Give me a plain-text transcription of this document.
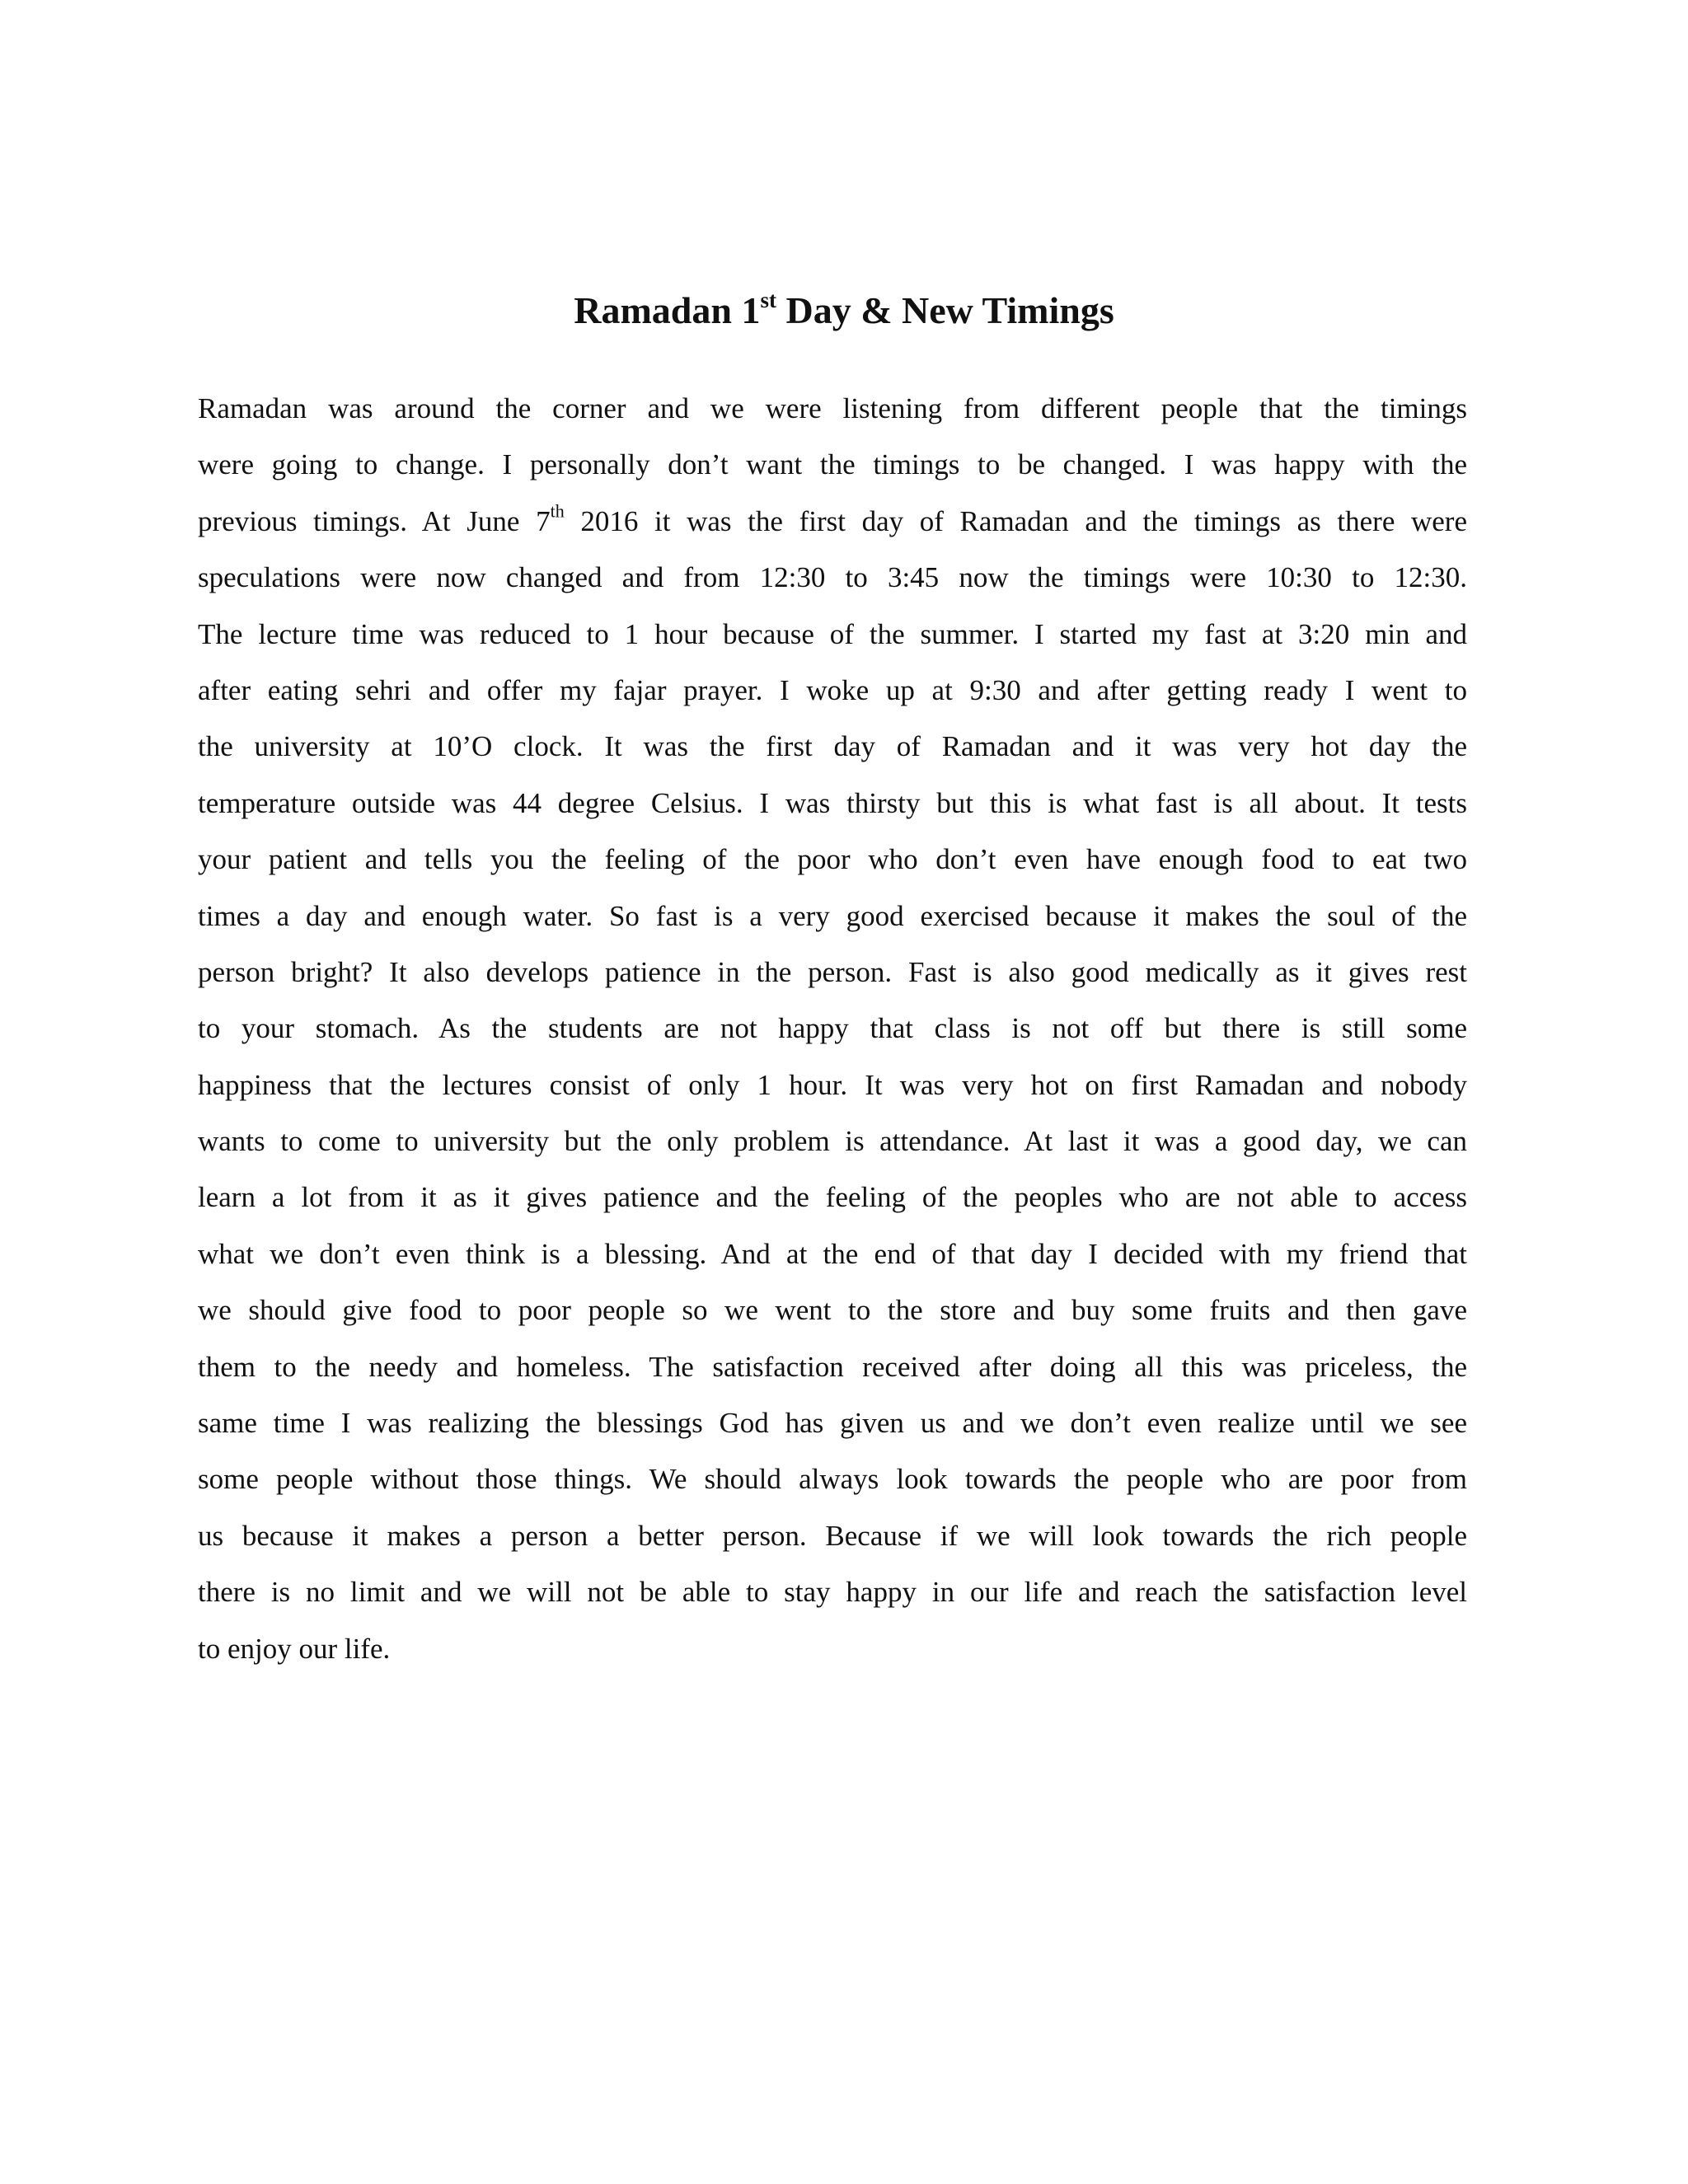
Ramadan 1st Day & New Timings
Ramadan was around the corner and we were listening from different people that the timings
were going to change. I personally don’t want the timings to be changed. I was happy with the
previous timings. At June 7th 2016 it was the first day of Ramadan and the timings as there were
speculations were now changed and from 12:30 to 3:45 now the timings were 10:30 to 12:30.
The lecture time was reduced to 1 hour because of the summer. I started my fast at 3:20 min and
after eating sehri and offer my fajar prayer. I woke up at 9:30 and after getting ready I went to
the university at 10’O clock. It was the first day of Ramadan and it was very hot day the
temperature outside was 44 degree Celsius. I was thirsty but this is what fast is all about. It tests
your patient and tells you the feeling of the poor who don’t even have enough food to eat two
times a day and enough water. So fast is a very good exercised because it makes the soul of the
person bright? It also develops patience in the person. Fast is also good medically as it gives rest
to your stomach. As the students are not happy that class is not off but there is still some
happiness that the lectures consist of only 1 hour. It was very hot on first Ramadan and nobody
wants to come to university but the only problem is attendance. At last it was a good day, we can
learn a lot from it as it gives patience and the feeling of the peoples who are not able to access
what we don’t even think is a blessing. And at the end of that day I decided with my friend that
we should give food to poor people so we went to the store and buy some fruits and then gave
them to the needy and homeless. The satisfaction received after doing all this was priceless, the
same time I was realizing the blessings God has given us and we don’t even realize until we see
some people without those things. We should always look towards the people who are poor from
us because it makes a person a better person. Because if we will look towards the rich people
there is no limit and we will not be able to stay happy in our life and reach the satisfaction level
to enjoy our life.
